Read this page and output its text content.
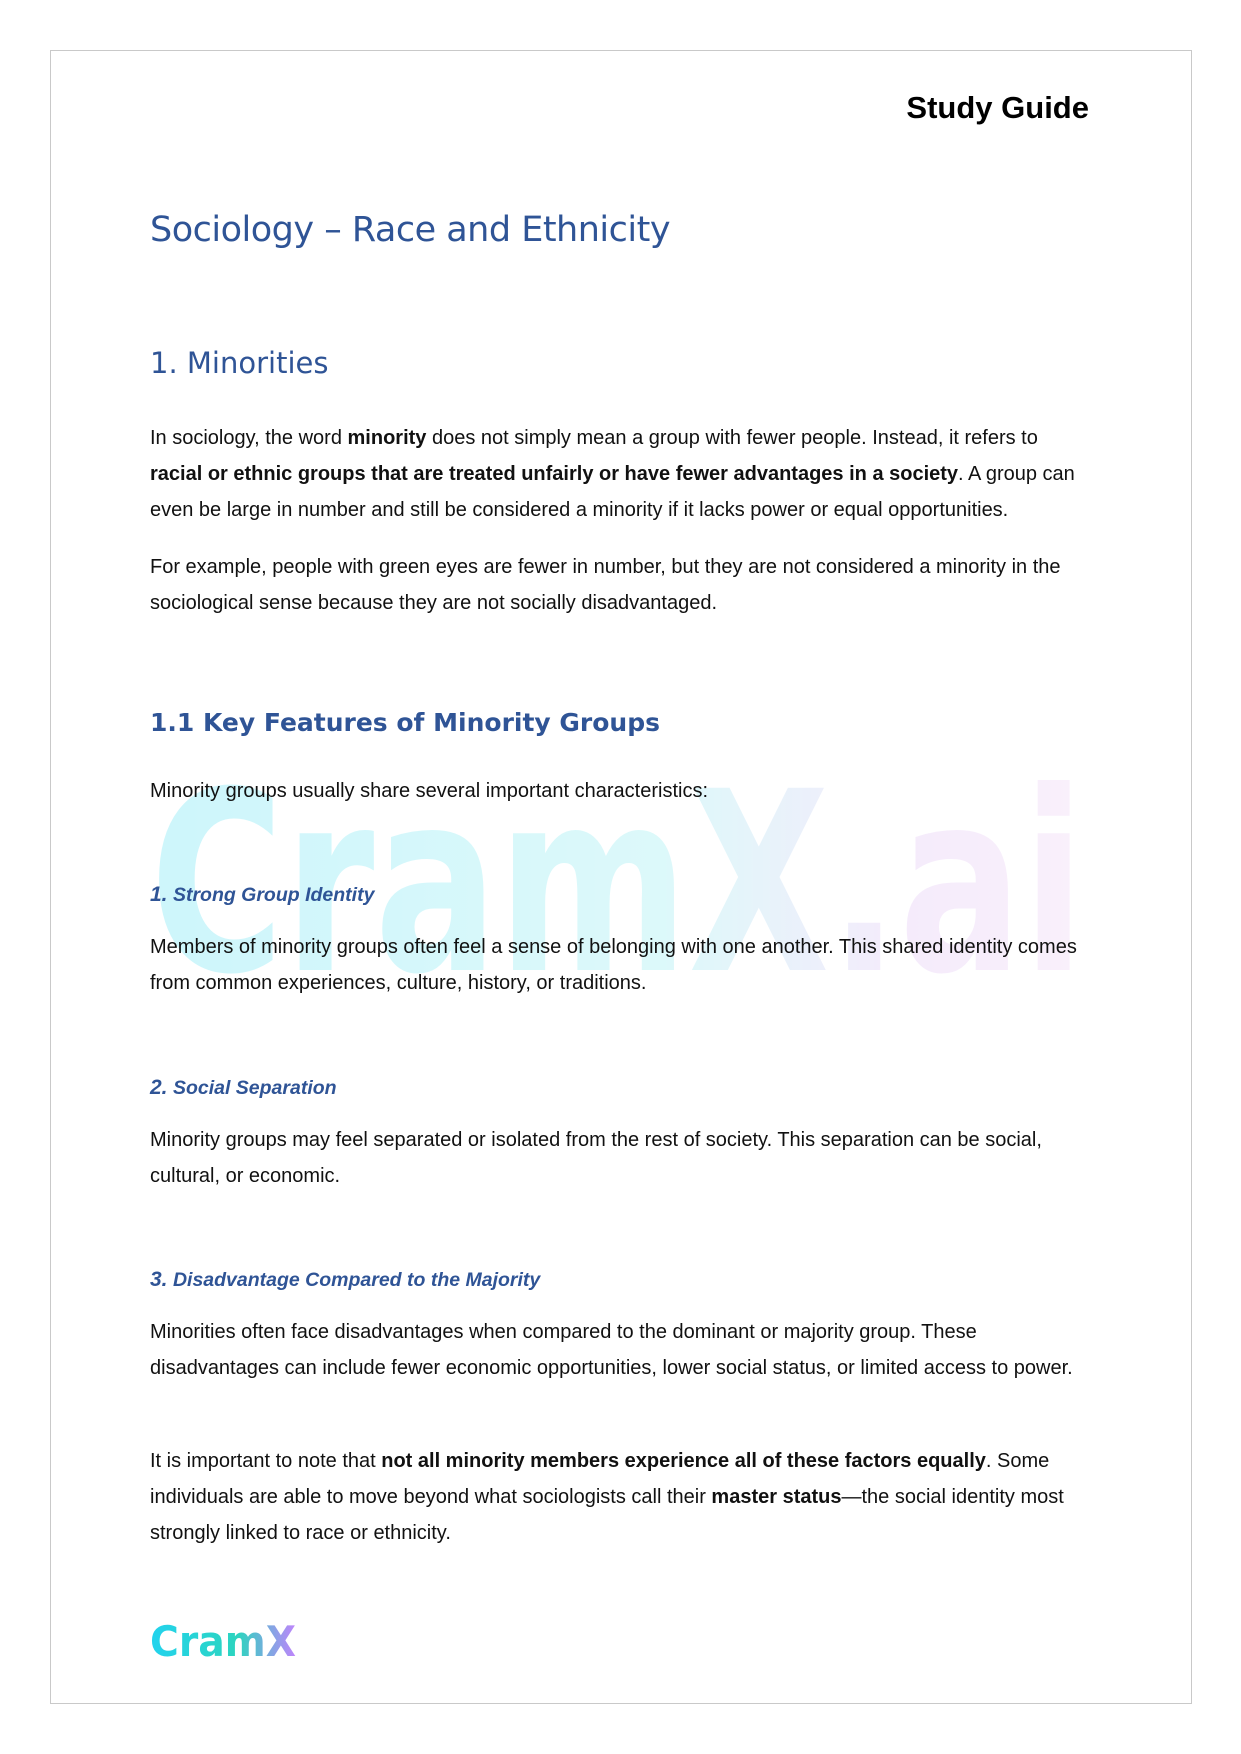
CramX.ai
Study Guide
Sociology – Race and Ethnicity
1. Minorities

In sociology, the word minority does not simply mean a group with fewer people. Instead, it refers to racial or ethnic groups that are treated unfairly or have fewer advantages in a society. A group can even be large in number and still be considered a minority if it lacks power or equal opportunities.

For example, people with green eyes are fewer in number, but they are not considered a minority in the sociological sense because they are not socially disadvantaged.

1.1 Key Features of Minority Groups

Minority groups usually share several important characteristics:

1. Strong Group Identity

Members of minority groups often feel a sense of belonging with one another. This shared identity comes from common experiences, culture, history, or traditions.

2. Social Separation

Minority groups may feel separated or isolated from the rest of society. This separation can be social, cultural, or economic.

3. Disadvantage Compared to the Majority

Minorities often face disadvantages when compared to the dominant or majority group. These disadvantages can include fewer economic opportunities, lower social status, or limited access to power.

It is important to note that not all minority members experience all of these factors equally. Some individuals are able to move beyond what sociologists call their master status—the social identity most strongly linked to race or ethnicity.

CramX
